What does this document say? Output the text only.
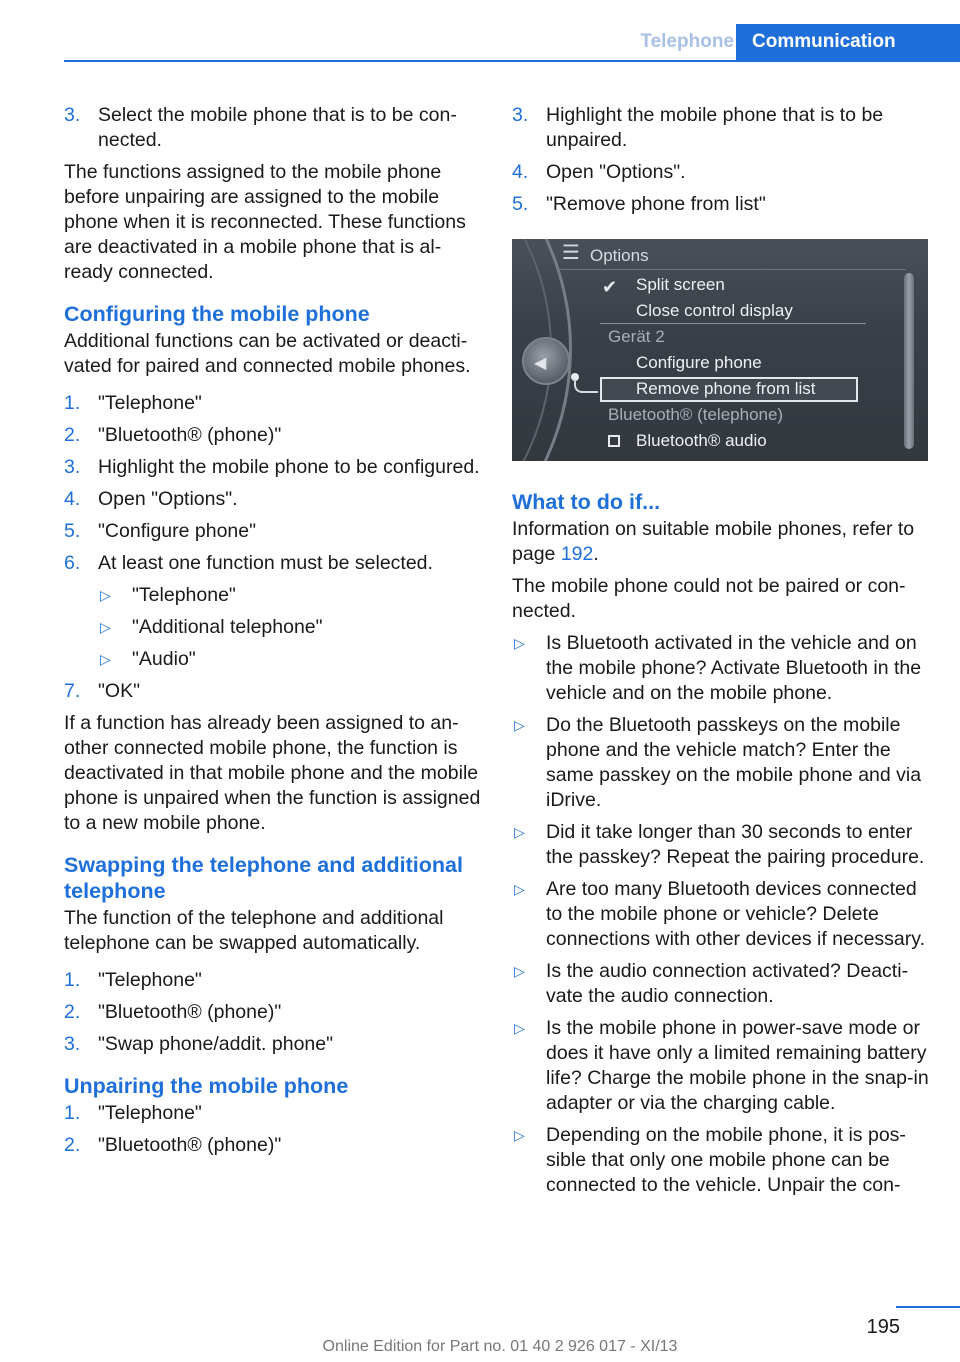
Telephone Communication
3. Select the mobile phone that is to be connected.

The functions assigned to the mobile phone before unpairing are assigned to the mobile phone when it is reconnected. These functions are deactivated in a mobile phone that is already connected.

Configuring the mobile phone

Additional functions can be activated or deactivated for paired and connected mobile phones.

1. "Telephone"
2. "Bluetooth® (phone)"
3. Highlight the mobile phone to be configured.
4. Open "Options".
5. "Configure phone"
6. At least one function must be selected.
▷ "Telephone"
▷ "Additional telephone"
▷ "Audio"
7. "OK"

If a function has already been assigned to another connected mobile phone, the function is deactivated in that mobile phone and the mobile phone is unpaired when the function is assigned to a new mobile phone.

Swapping the telephone and additional telephone

The function of the telephone and additional telephone can be swapped automatically.

1. "Telephone"
2. "Bluetooth® (phone)"
3. "Swap phone/addit. phone"
Unpairing the mobile phone
1. "Telephone"
2. "Bluetooth® (phone)"
3. Highlight the mobile phone that is to be unpaired.
4. Open "Options".
5. "Remove phone from list"
◀
☰ Options
✔ Split screen
Close control display
Gerät 2
Configure phone
Remove phone from list
Bluetooth® (telephone)
Bluetooth® audio
What to do if...

Information on suitable mobile phones, refer to page 192.

The mobile phone could not be paired or connected.

▷ Is Bluetooth activated in the vehicle and on the mobile phone? Activate Bluetooth in the vehicle and on the mobile phone.
▷ Do the Bluetooth passkeys on the mobile phone and the vehicle match? Enter the same passkey on the mobile phone and via iDrive.
▷ Did it take longer than 30 seconds to enter the passkey? Repeat the pairing procedure.
▷ Are too many Bluetooth devices connected to the mobile phone or vehicle? Delete connections with other devices if necessary.
▷ Is the audio connection activated? Deactivate the audio connection.
▷ Is the mobile phone in power-save mode or does it have only a limited remaining battery life? Charge the mobile phone in the snap-in adapter or via the charging cable.
▷ Depending on the mobile phone, it is possible that only one mobile phone can be connected to the vehicle. Unpair the con-
195
Online Edition for Part no. 01 40 2 926 017 - XI/13
